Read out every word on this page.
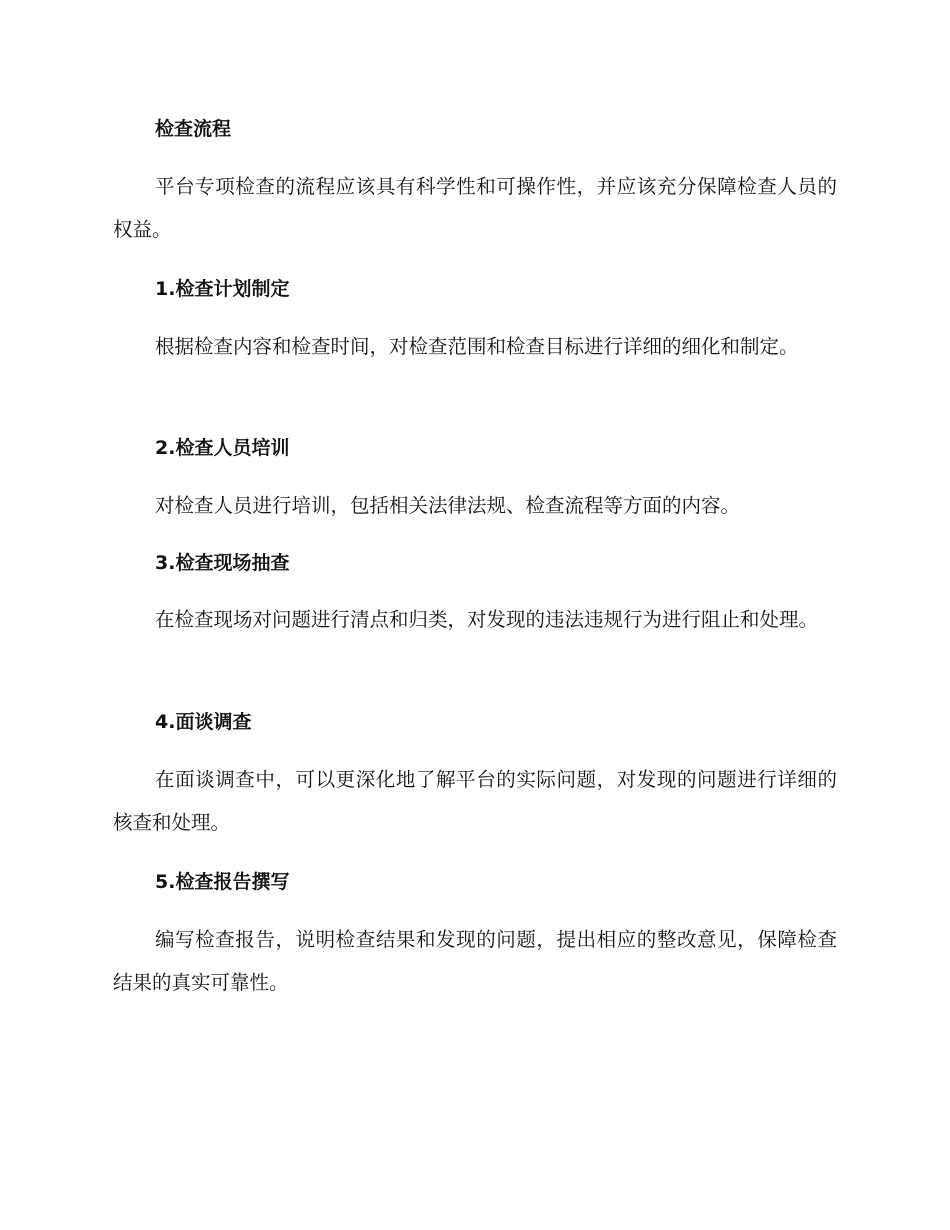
检查流程

平台专项检查的流程应该具有科学性和可操作性，并应该充分保障检查人员的权益。

1.检查计划制定

根据检查内容和检查时间，对检查范围和检查目标进行详细的细化和制定。

2.检查人员培训

对检查人员进行培训，包括相关法律法规、检查流程等方面的内容。

3.检查现场抽查

在检查现场对问题进行清点和归类，对发现的违法违规行为进行阻止和处理。

4.面谈调查

在面谈调查中，可以更深化地了解平台的实际问题，对发现的问题进行详细的核查和处理。

5.检查报告撰写

编写检查报告，说明检查结果和发现的问题，提出相应的整改意见，保障检查结果的真实可靠性。
